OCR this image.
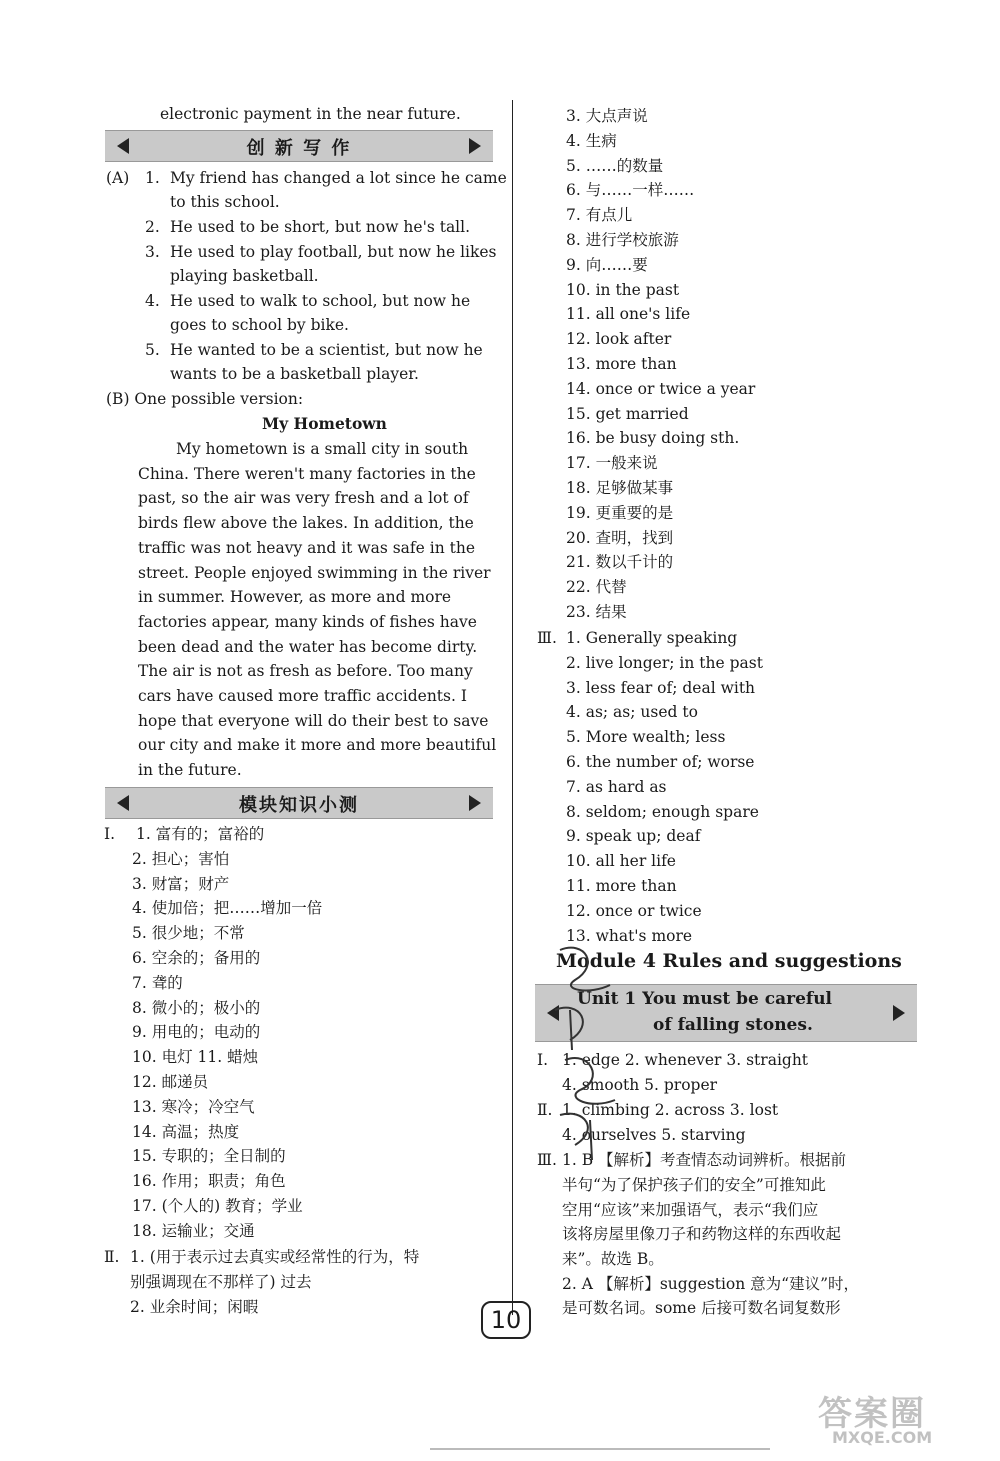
electronic payment in the near future.
创 新 写 作
(A) 1. My friend has changed a lot since he came
to this school.
2. He used to be short, but now he's tall.
3. He used to play football, but now he likes
playing basketball.
4. He used to walk to school, but now he
goes to school by bike.
5. He wanted to be a scientist, but now he
wants to be a basketball player.
(B) One possible version:
My Hometown
My hometown is a small city in south
China. There weren't many factories in the
past, so the air was very fresh and a lot of
birds flew above the lakes. In addition, the
traffic was not heavy and it was safe in the
street. People enjoyed swimming in the river
in summer. However, as more and more
factories appear, many kinds of fishes have
been dead and the water has become dirty.
The air is not as fresh as before. Too many
cars have caused more traffic accidents. I
hope that everyone will do their best to save
our city and make it more and more beautiful
in the future.
模块知识小测
Ⅰ. 1. 富有的；富裕的
2. 担心；害怕
3. 财富；财产
4. 使加倍；把……增加一倍
5. 很少地；不常
6. 空余的；备用的
7. 聋的
8. 微小的；极小的
9. 用电的；电动的
10. 电灯 11. 蜡烛
12. 邮递员
13. 寒冷；冷空气
14. 高温；热度
15. 专职的；全日制的
16. 作用；职责；角色
17. (个人的) 教育；学业
18. 运输业；交通
Ⅱ. 1. (用于表示过去真实或经常性的行为，特
别强调现在不那样了) 过去
2. 业余时间；闲暇
3. 大点声说
4. 生病
5. ……的数量
6. 与……一样……
7. 有点儿
8. 进行学校旅游
9. 向……要
10. in the past
11. all one's life
12. look after
13. more than
14. once or twice a year
15. get married
16. be busy doing sth.
17. 一般来说
18. 足够做某事
19. 更重要的是
20. 查明，找到
21. 数以千计的
22. 代替
23. 结果
Ⅲ. 1. Generally speaking
2. live longer; in the past
3. less fear of; deal with
4. as; as; used to
5. More wealth; less
6. the number of; worse
7. as hard as
8. seldom; enough spare
9. speak up; deaf
10. all her life
11. more than
12. once or twice
13. what's more
Module 4 Rules and suggestions
Unit 1 You must be careful
of falling stones.
Ⅰ. 1. edge 2. whenever 3. straight
4. smooth 5. proper
Ⅱ. 1. climbing 2. across 3. lost
4. ourselves 5. starving
Ⅲ. 1. B 【解析】考查情态动词辨析。根据前
半句“为了保护孩子们的安全”可推知此
空用“应该”来加强语气，表示“我们应
该将房屋里像刀子和药物这样的东西收起
来”。故选 B。
2. A 【解析】suggestion 意为“建议”时，
是可数名词。some 后接可数名词复数形
10
答案圈
MXQE.COM
